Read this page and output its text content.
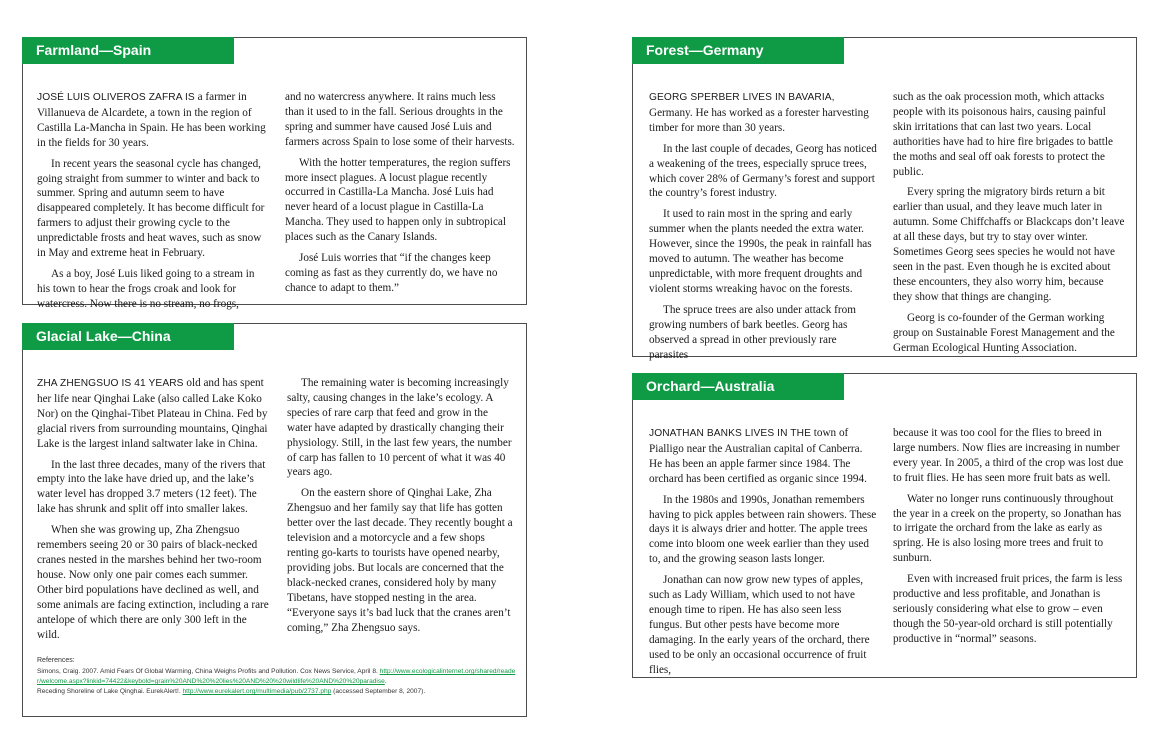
Farmland—Spain

JOSÉ LUIS OLIVEROS ZAFRA IS a farmer in Villanueva de Alcardete, a town in the region of Castilla La-Mancha in Spain. He has been working in the fields for 30 years.

In recent years the seasonal cycle has changed, going straight from summer to winter and back to summer. Spring and autumn seem to have disappeared completely. It has become difficult for farmers to adjust their growing cycle to the unpredictable frosts and heat waves, such as snow in May and extreme heat in February.

As a boy, José Luis liked going to a stream in his town to hear the frogs croak and look for watercress. Now there is no stream, no frogs,

and no watercress anywhere. It rains much less than it used to in the fall. Serious droughts in the spring and summer have caused José Luis and farmers across Spain to lose some of their harvests.

With the hotter temperatures, the region suffers more insect plagues. A locust plague recently occurred in Castilla-La Mancha. José Luis had never heard of a locust plague in Castilla-La Mancha. They used to happen only in subtropical places such as the Canary Islands.

José Luis worries that “if the changes keep coming as fast as they currently do, we have no chance to adapt to them.”

Glacial Lake—China

ZHA ZHENGSUO IS 41 YEARS old and has spent her life near Qinghai Lake (also called Lake Koko Nor) on the Qinghai-Tibet Plateau in China. Fed by glacial rivers from surrounding mountains, Qinghai Lake is the largest inland saltwater lake in China.

In the last three decades, many of the rivers that empty into the lake have dried up, and the lake’s water level has dropped 3.7 meters (12 feet). The lake has shrunk and split off into smaller lakes.

When she was growing up, Zha Zhengsuo remembers seeing 20 or 30 pairs of black-necked cranes nested in the marshes behind her two-room house. Now only one pair comes each summer. Other bird populations have declined as well, and some animals are facing extinction, including a rare antelope of which there are only 300 left in the wild.

The remaining water is becoming increasingly salty, causing changes in the lake’s ecology. A species of rare carp that feed and grow in the water have adapted by drastically changing their physiology. Still, in the last few years, the number of carp has fallen to 10 percent of what it was 40 years ago.

On the eastern shore of Qinghai Lake, Zha Zhengsuo and her family say that life has gotten better over the last decade. They recently bought a television and a motorcycle and a few shops renting go-karts to tourists have opened nearby, providing jobs. But locals are concerned that the black-necked cranes, considered holy by many Tibetans, have stopped nesting in the area. “Everyone says it’s bad luck that the cranes aren’t coming,” Zha Zhengsuo says.

References:
Simons, Craig. 2007. Amid Fears Of Global Warming, China Weighs Profits and Pollution. Cox News Service, April 8. http://www.ecologicalinternet.org/shared/reader/welcome.aspx?linkid=74422&keybold=grain%20AND%20%20lies%20AND%20%20wildlife%20AND%20%20paradise.
Receding Shoreline of Lake Qinghai. EurekAlert!. http://www.eurekalert.org/multimedia/pub/2737.php (accessed September 8, 2007).
Forest—Germany

GEORG SPERBER LIVES IN BAVARIA, Germany. He has worked as a forester harvesting timber for more than 30 years.

In the last couple of decades, Georg has noticed a weakening of the trees, especially spruce trees, which cover 28% of Germany’s forest and support the country’s forest industry.

It used to rain most in the spring and early summer when the plants needed the extra water. However, since the 1990s, the peak in rainfall has moved to autumn. The weather has become unpredictable, with more frequent droughts and violent storms wreaking havoc on the forests.

The spruce trees are also under attack from growing numbers of bark beetles. Georg has observed a spread in other previously rare parasites

such as the oak procession moth, which attacks people with its poisonous hairs, causing painful skin irritations that can last two years. Local authorities have had to hire fire brigades to battle the moths and seal off oak forests to protect the public.

Every spring the migratory birds return a bit earlier than usual, and they leave much later in autumn. Some Chiffchaffs or Blackcaps don’t leave at all these days, but try to stay over winter. Sometimes Georg sees species he would not have seen in the past. Even though he is excited about these encounters, they also worry him, because they show that things are changing.

Georg is co-founder of the German working group on Sustainable Forest Management and the German Ecological Hunting Association.

Orchard—Australia

JONATHAN BANKS LIVES IN THE town of Pialligo near the Australian capital of Canberra. He has been an apple farmer since 1984. The orchard has been certified as organic since 1994.

In the 1980s and 1990s, Jonathan remembers having to pick apples between rain showers. These days it is always drier and hotter. The apple trees come into bloom one week earlier than they used to, and the growing season lasts longer.

Jonathan can now grow new types of apples, such as Lady William, which used to not have enough time to ripen. He has also seen less fungus. But other pests have become more damaging. In the early years of the orchard, there used to be only an occasional occurrence of fruit flies,

because it was too cool for the flies to breed in large numbers. Now flies are increasing in number every year. In 2005, a third of the crop was lost due to fruit flies. He has seen more fruit bats as well.

Water no longer runs continuously throughout the year in a creek on the property, so Jonathan has to irrigate the orchard from the lake as early as spring. He is also losing more trees and fruit to sunburn.

Even with increased fruit prices, the farm is less productive and less profitable, and Jonathan is seriously considering what else to grow – even though the 50-year-old orchard is still potentially productive in “normal” seasons.
